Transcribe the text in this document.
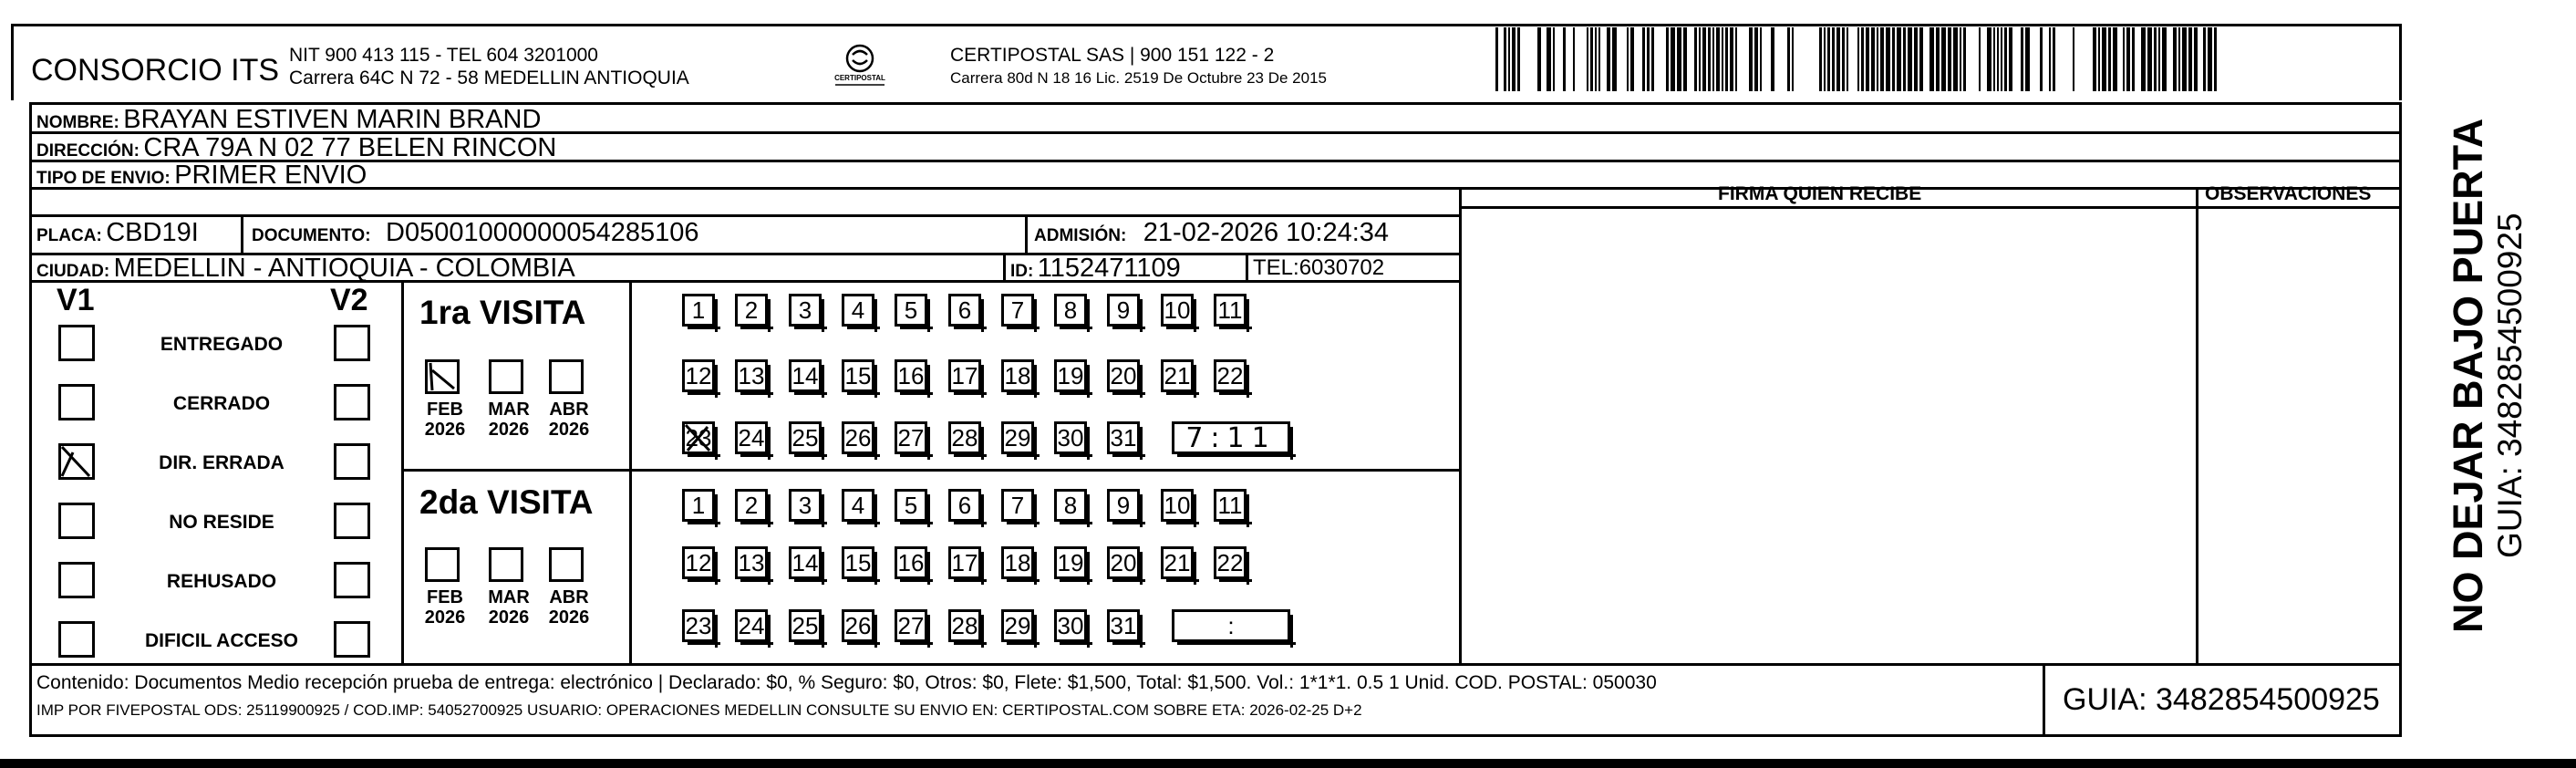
CONSORCIO ITS NIT 900 413 115 - TEL 604 3201000
Carrera 64C N 72 - 58 MEDELLIN ANTIOQUIA	CERTIPOSTAL
CERTIPOSTAL SAS | 900 151 122 - 2
Carrera 80d N 18 16 Lic. 2519 De Octubre 23 De 2015
NOMBRE: BRAYAN ESTIVEN MARIN BRAND
DIRECCIÓN: CRA 79A N 02 77 BELEN RINCON
TIPO DE ENVIO: PRIMER ENVIO
PLACA: CBD19I	DOCUMENTO: D05001000000054285106	ADMISIÓN: 21-02-2026 10:24:34
CIUDAD: MEDELLIN - ANTIOQUIA - COLOMBIA	ID: 1152471109	TEL:6030702
FIRMA QUIEN RECIBE	OBSERVACIONES
V1	V2
ENTREGADO
CERRADO
DIR. ERRADA
NO RESIDE
REHUSADO
DIFICIL ACCESO
1ra VISITA
2da VISITA
FEB
2026
MAR
2026
ABR
2026
FEB
2026
MAR
2026
ABR
2026
1 2 3 4 5 6 7 8 9 10 11
12 13 14 15 16 17 18 19 20 21 22
23 24 25 26 27 28 29 30 31 7:11
1 2 3 4 5 6 7 8 9 10 11
12 13 14 15 16 17 18 19 20 21 22
23 24 25 26 27 28 29 30 31	:	NO DEJAR BAJO PUERTA GUIA: 3482854500925
Contenido: Documentos Medio recepción prueba de entrega: electrónico | Declarado: $0, % Seguro: $0, Otros: $0, Flete: $1,500, Total: $1,500. Vol.: 1*1*1. 0.5 1 Unid. COD. POSTAL: 050030
IMP POR FIVEPOSTAL ODS: 25119900925 / COD.IMP: 54052700925 USUARIO: OPERACIONES MEDELLIN CONSULTE SU ENVIO EN: CERTIPOSTAL.COM SOBRE ETA: 2026-02-25 D+2	GUIA: 3482854500925
